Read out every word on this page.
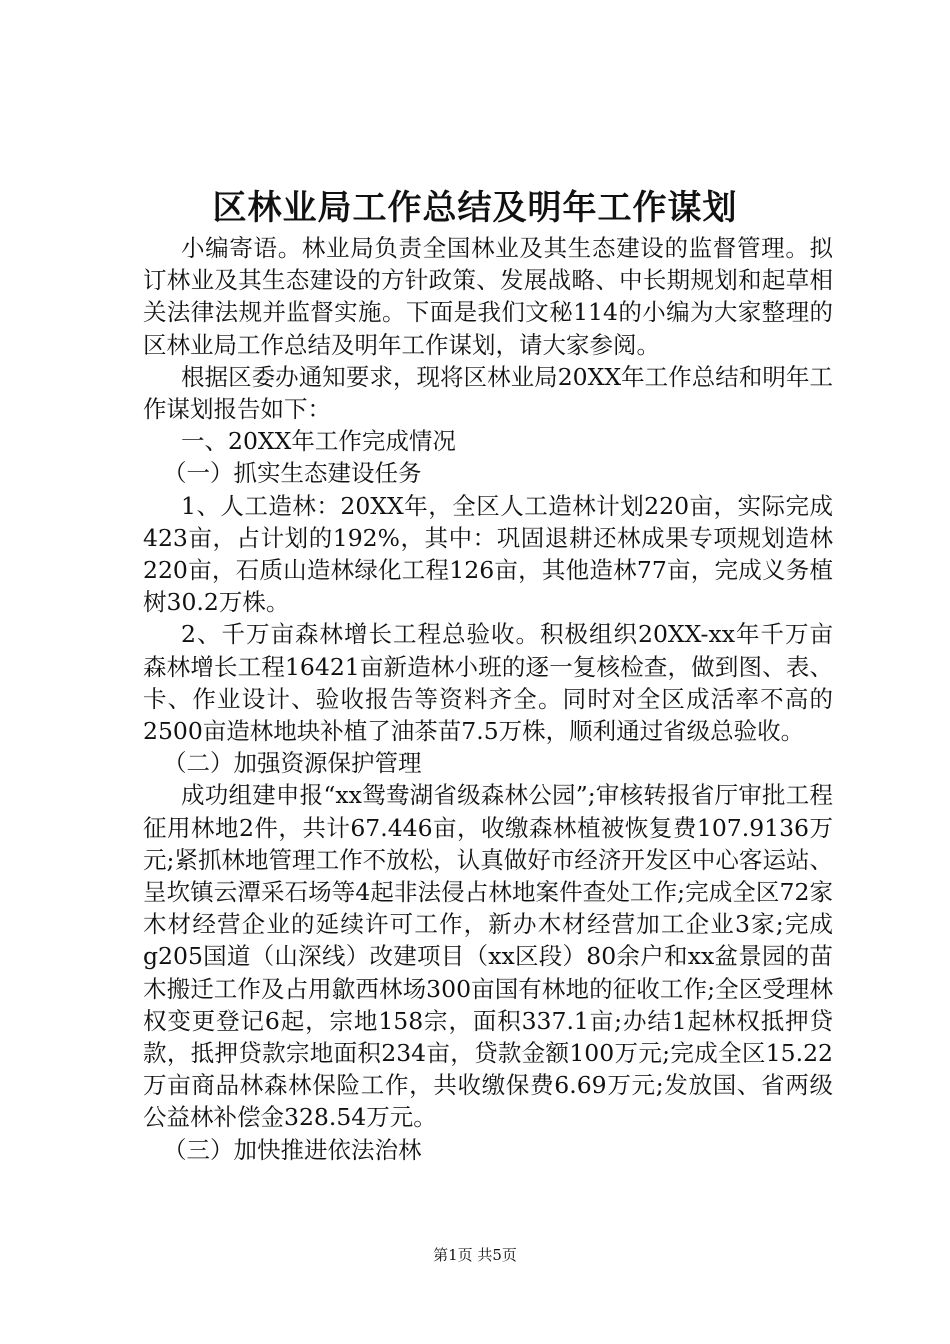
区林业局工作总结及明年工作谋划

小编寄语。林业局负责全国林业及其生态建设的监督管理。拟订林业及其生态建设的方针政策、发展战略、中长期规划和起草相关法律法规并监督实施。下面是我们文秘114的小编为大家整理的区林业局工作总结及明年工作谋划，请大家参阅。

根据区委办通知要求，现将区林业局20XX年工作总结和明年工作谋划报告如下：

一、20XX年工作完成情况

（一）抓实生态建设任务

1、人工造林：20XX年，全区人工造林计划220亩，实际完成423亩，占计划的192%，其中：巩固退耕还林成果专项规划造林220亩，石质山造林绿化工程126亩，其他造林77亩，完成义务植树30.2万株。

2、千万亩森林增长工程总验收。积极组织20XX-xx年千万亩森林增长工程16421亩新造林小班的逐一复核检查，做到图、表、卡、作业设计、验收报告等资料齐全。同时对全区成活率不高的2500亩造林地块补植了油茶苗7.5万株，顺利通过省级总验收。

（二）加强资源保护管理

成功组建申报“xx鸳鸯湖省级森林公园”;审核转报省厅审批工程征用林地2件，共计67.446亩，收缴森林植被恢复费107.9136万元;紧抓林地管理工作不放松，认真做好市经济开发区中心客运站、呈坎镇云潭采石场等4起非法侵占林地案件查处工作;完成全区72家木材经营企业的延续许可工作，新办木材经营加工企业3家;完成g205国道（山深线）改建项目（xx区段）80余户和xx盆景园的苗木搬迁工作及占用歙西林场300亩国有林地的征收工作;全区受理林权变更登记6起，宗地158宗，面积337.1亩;办结1起林权抵押贷款，抵押贷款宗地面积234亩，贷款金额100万元;完成全区15.22万亩商品林森林保险工作，共收缴保费6.69万元;发放国、省两级公益林补偿金328.54万元。

（三）加快推进依法治林

第1页 共5页
